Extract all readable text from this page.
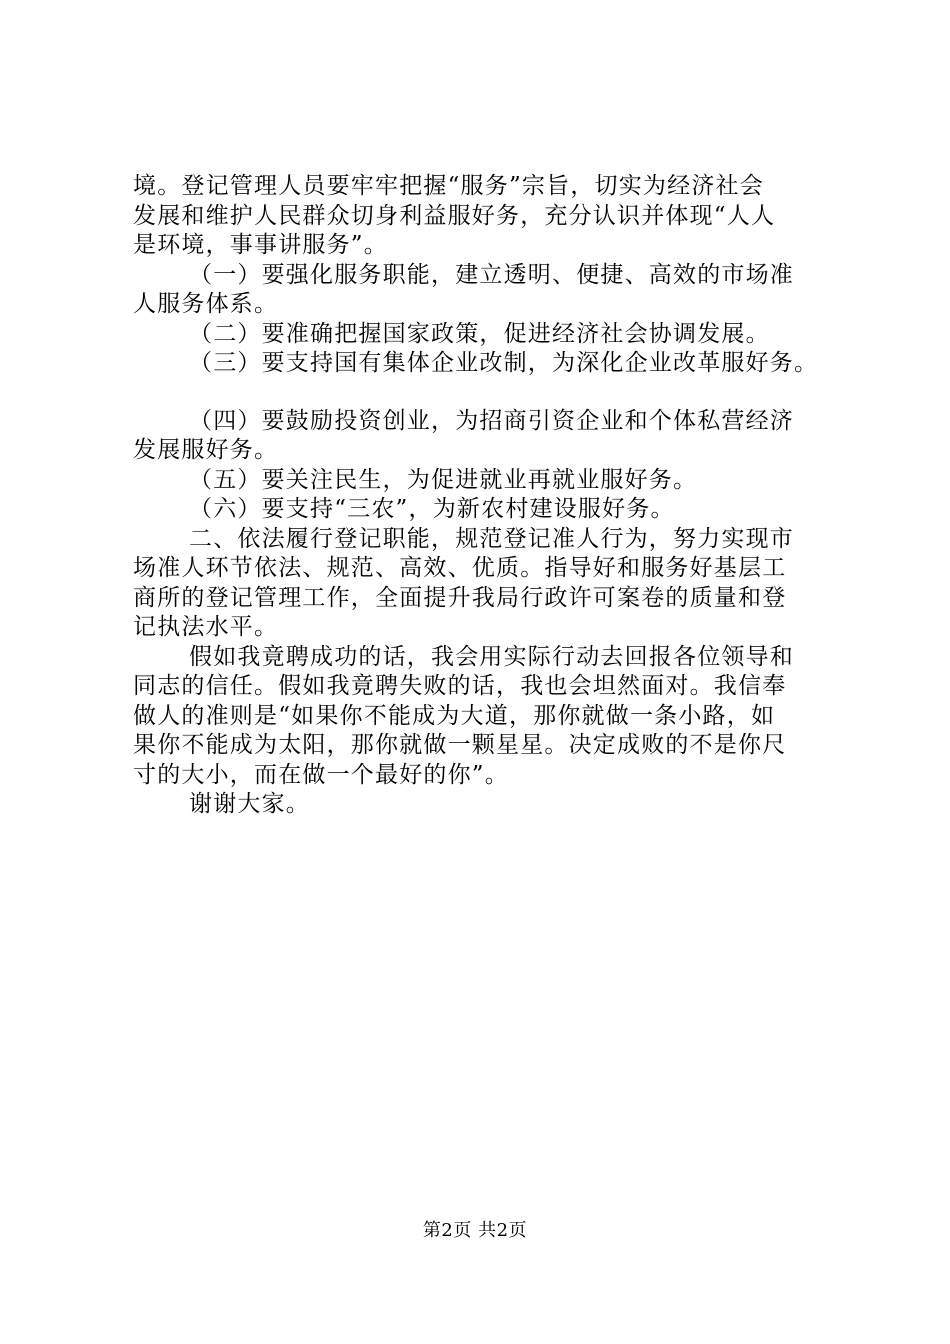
境。登记管理人员要牢牢把握“服务”宗旨，切实为经济社会
发展和维护人民群众切身利益服好务，充分认识并体现“人人
是环境，事事讲服务”。
（一）要强化服务职能，建立透明、便捷、高效的市场准
人服务体系。
（二）要准确把握国家政策，促进经济社会协调发展。
（三）要支持国有集体企业改制，为深化企业改革服好务。
（四）要鼓励投资创业，为招商引资企业和个体私营经济
发展服好务。
（五）要关注民生，为促进就业再就业服好务。
（六）要支持“三农”，为新农村建设服好务。
二、依法履行登记职能，规范登记准人行为，努力实现市
场准人环节依法、规范、高效、优质。指导好和服务好基层工
商所的登记管理工作，全面提升我局行政许可案卷的质量和登
记执法水平。
假如我竟聘成功的话，我会用实际行动去回报各位领导和
同志的信任。假如我竟聘失败的话，我也会坦然面对。我信奉
做人的准则是“如果你不能成为大道，那你就做一条小路，如
果你不能成为太阳，那你就做一颗星星。决定成败的不是你尺
寸的大小，而在做一个最好的你”。
谢谢大家。
第2页 共2页
